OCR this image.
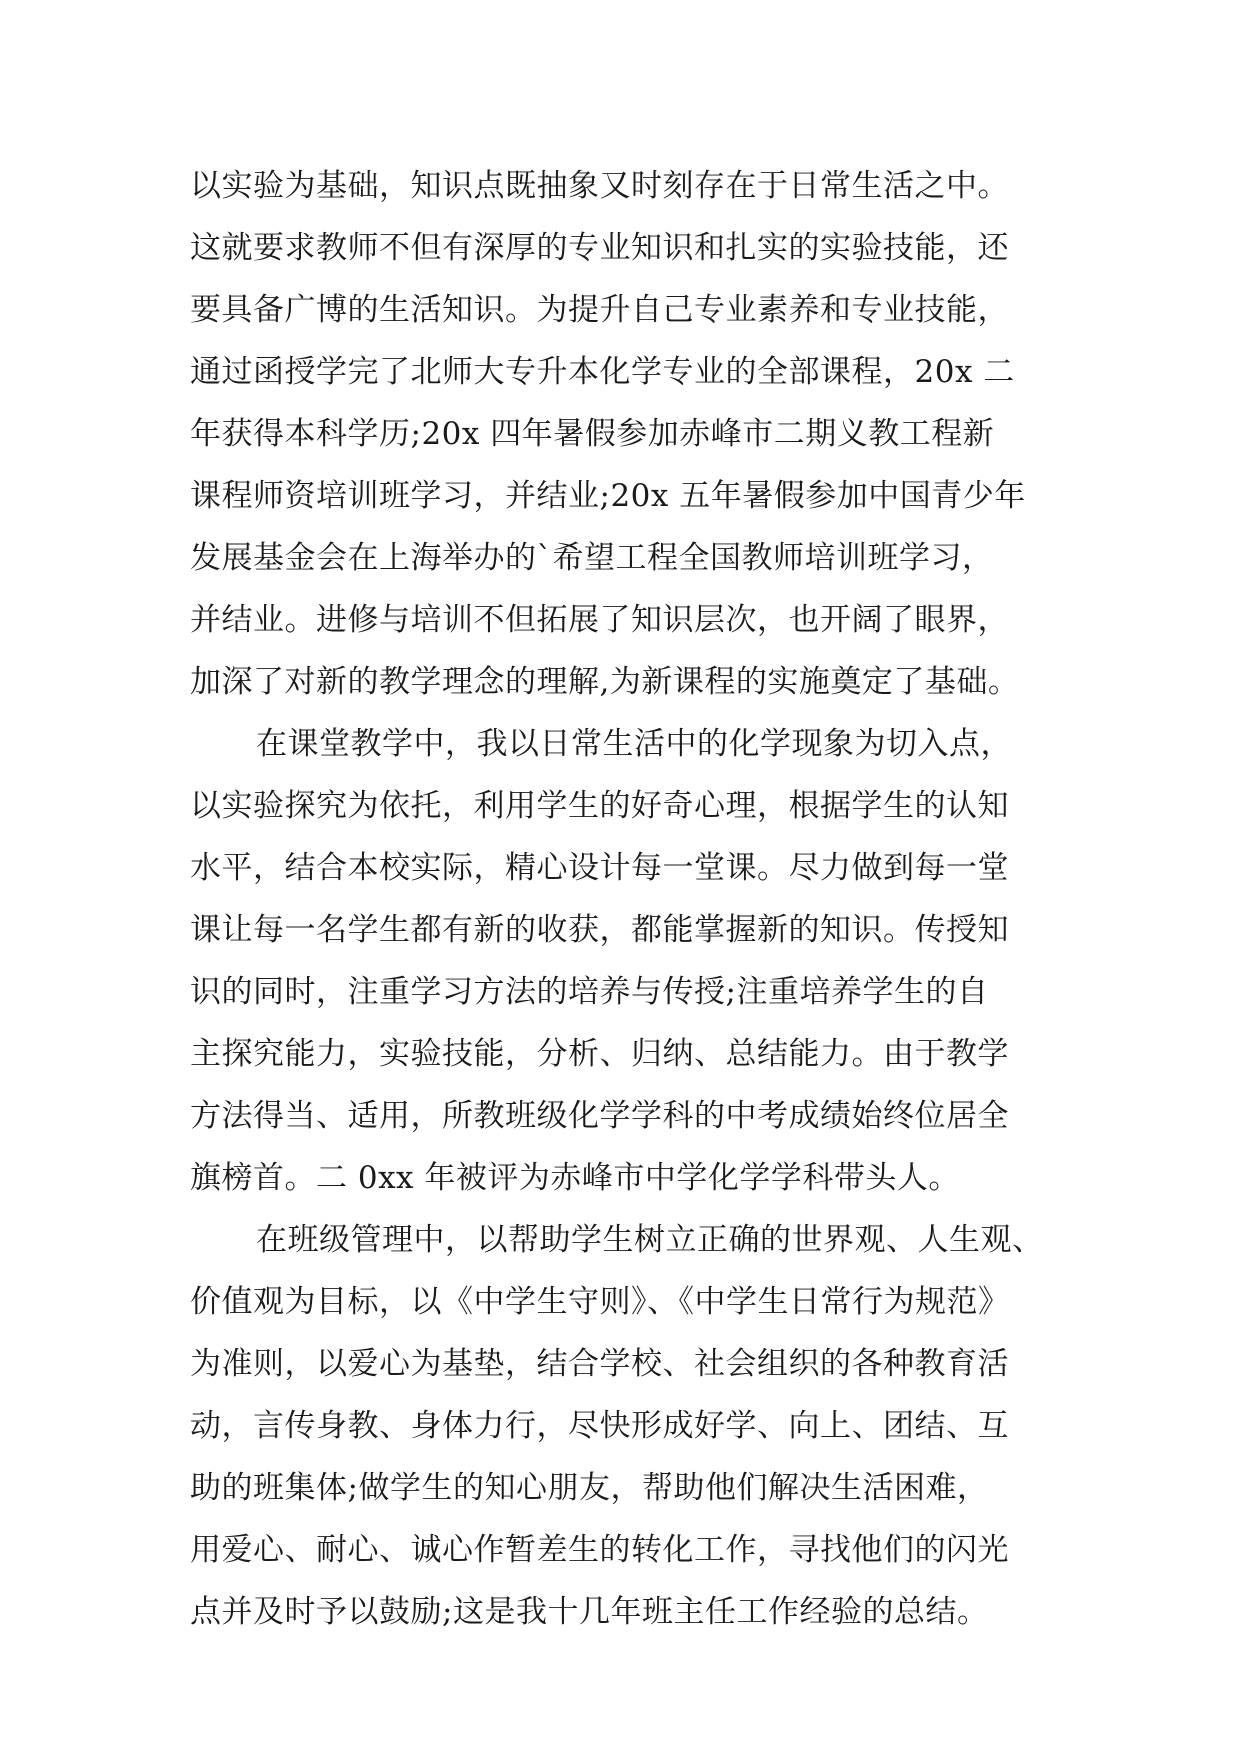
以实验为基础，知识点既抽象又时刻存在于日常生活之中。
这就要求教师不但有深厚的专业知识和扎实的实验技能，还
要具备广博的生活知识。为提升自己专业素养和专业技能，
通过函授学完了北师大专升本化学专业的全部课程，20x 二
年获得本科学历;20x 四年暑假参加赤峰市二期义教工程新
课程师资培训班学习，并结业;20x 五年暑假参加中国青少年
发展基金会在上海举办的`希望工程全国教师培训班学习，
并结业。进修与培训不但拓展了知识层次，也开阔了眼界，
加深了对新的教学理念的理解,为新课程的实施奠定了基础。
在课堂教学中，我以日常生活中的化学现象为切入点，
以实验探究为依托，利用学生的好奇心理，根据学生的认知
水平，结合本校实际，精心设计每一堂课。尽力做到每一堂
课让每一名学生都有新的收获，都能掌握新的知识。传授知
识的同时，注重学习方法的培养与传授;注重培养学生的自
主探究能力，实验技能，分析、归纳、总结能力。由于教学
方法得当、适用，所教班级化学学科的中考成绩始终位居全
旗榜首。二 0xx 年被评为赤峰市中学化学学科带头人。
在班级管理中，以帮助学生树立正确的世界观、人生观、
价值观为目标，以《中学生守则》、《中学生日常行为规范》
为准则，以爱心为基垫，结合学校、社会组织的各种教育活
动，言传身教、身体力行，尽快形成好学、向上、团结、互
助的班集体;做学生的知心朋友，帮助他们解决生活困难，
用爱心、耐心、诚心作暂差生的转化工作，寻找他们的闪光
点并及时予以鼓励;这是我十几年班主任工作经验的总结。
